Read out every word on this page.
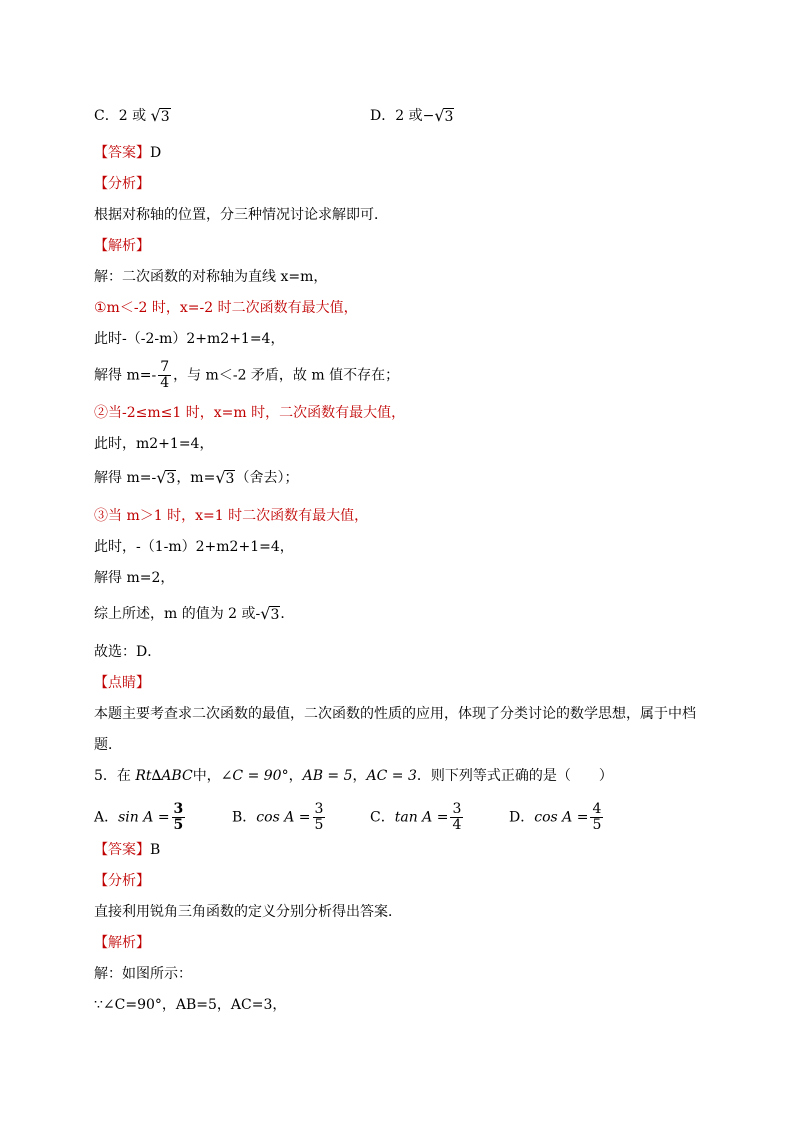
C．2 或 √ 3	D．2 或− √ 3
【答案】D
【分析】
根据对称轴的位置，分三种情况讨论求解即可．
【解析】
解：二次函数的对称轴为直线 x=m，
①m＜-2 时，x=-2 时二次函数有最大值，
此时-（-2-m）2+m2+1=4，
解得 $m=- \frac{7}{4}$ ，与 m＜-2 矛盾，故 m 值不存在；
②当-2≤m≤1 时，x=m 时，二次函数有最大值，
此时，m2+1=4，
解得 m=- √ 3 ，m= √ 3 （舍去）；
③当 m＞1 时，x=1 时二次函数有最大值，
此时，-（1-m）2+m2+1=4，
解得 m=2，
综上所述，m 的值为 2 或- √ 3 ．
故选：D．
【点睛】
本题主要考查求二次函数的最值，二次函数的性质的应用，体现了分类讨论的数学思想，属于中档
题．
5．在 Rt∆ABC中，∠C = 90°，AB = 5，AC = 3．则下列等式正确的是（　　）
A．$\sin A = \frac{3}{5}$	B．$\cos A = \frac{3}{5}$	C．$\tan A = \frac{3}{4}$	D．$\cos A = \frac{4}{5}$
【答案】B
【分析】
直接利用锐角三角函数的定义分别分析得出答案．
【解析】
解：如图所示：
∵∠C=90°，AB=5，AC=3，
